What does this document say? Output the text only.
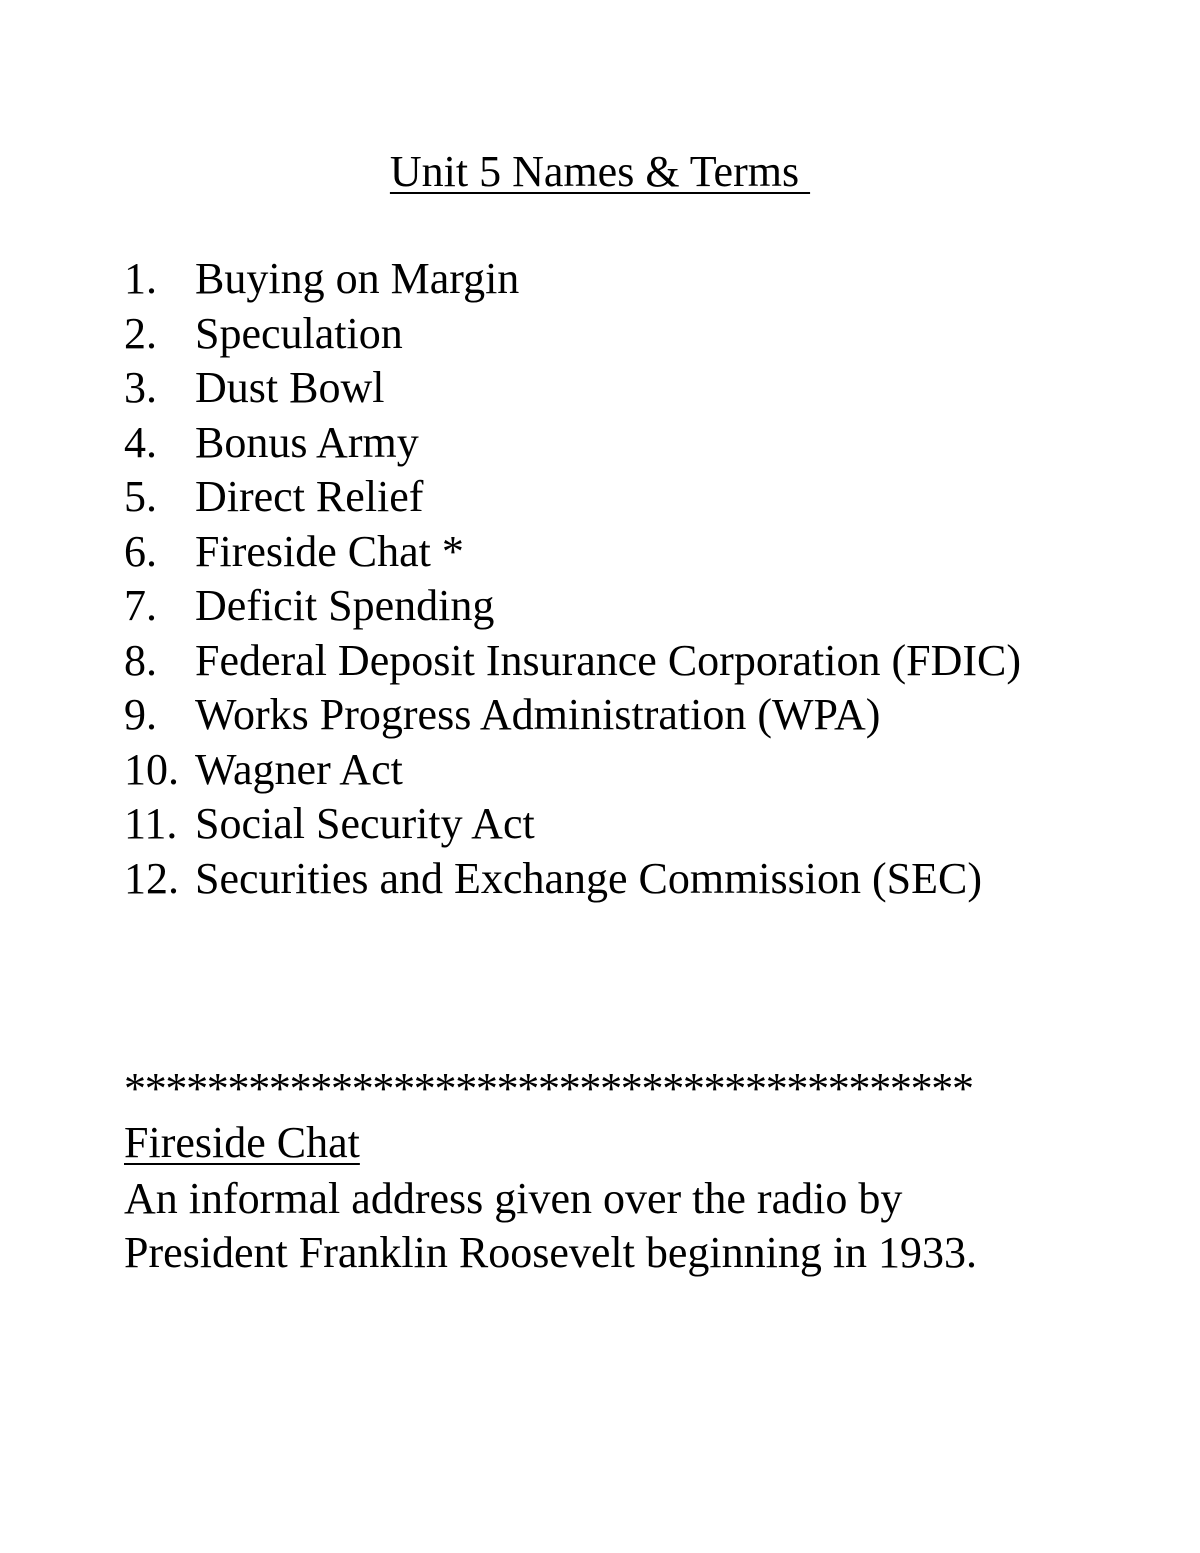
Unit 5 Names & Terms
1. Buying on Margin
2. Speculation
3. Dust Bowl
4. Bonus Army
5. Direct Relief
6. Fireside Chat *
7. Deficit Spending
8. Federal Deposit Insurance Corporation (FDIC)
9. Works Progress Administration (WPA)
10. Wagner Act
11. Social Security Act
12. Securities and Exchange Commission (SEC)
*****************************************
Fireside Chat
An informal address given over the radio by President Franklin Roosevelt beginning in 1933.
